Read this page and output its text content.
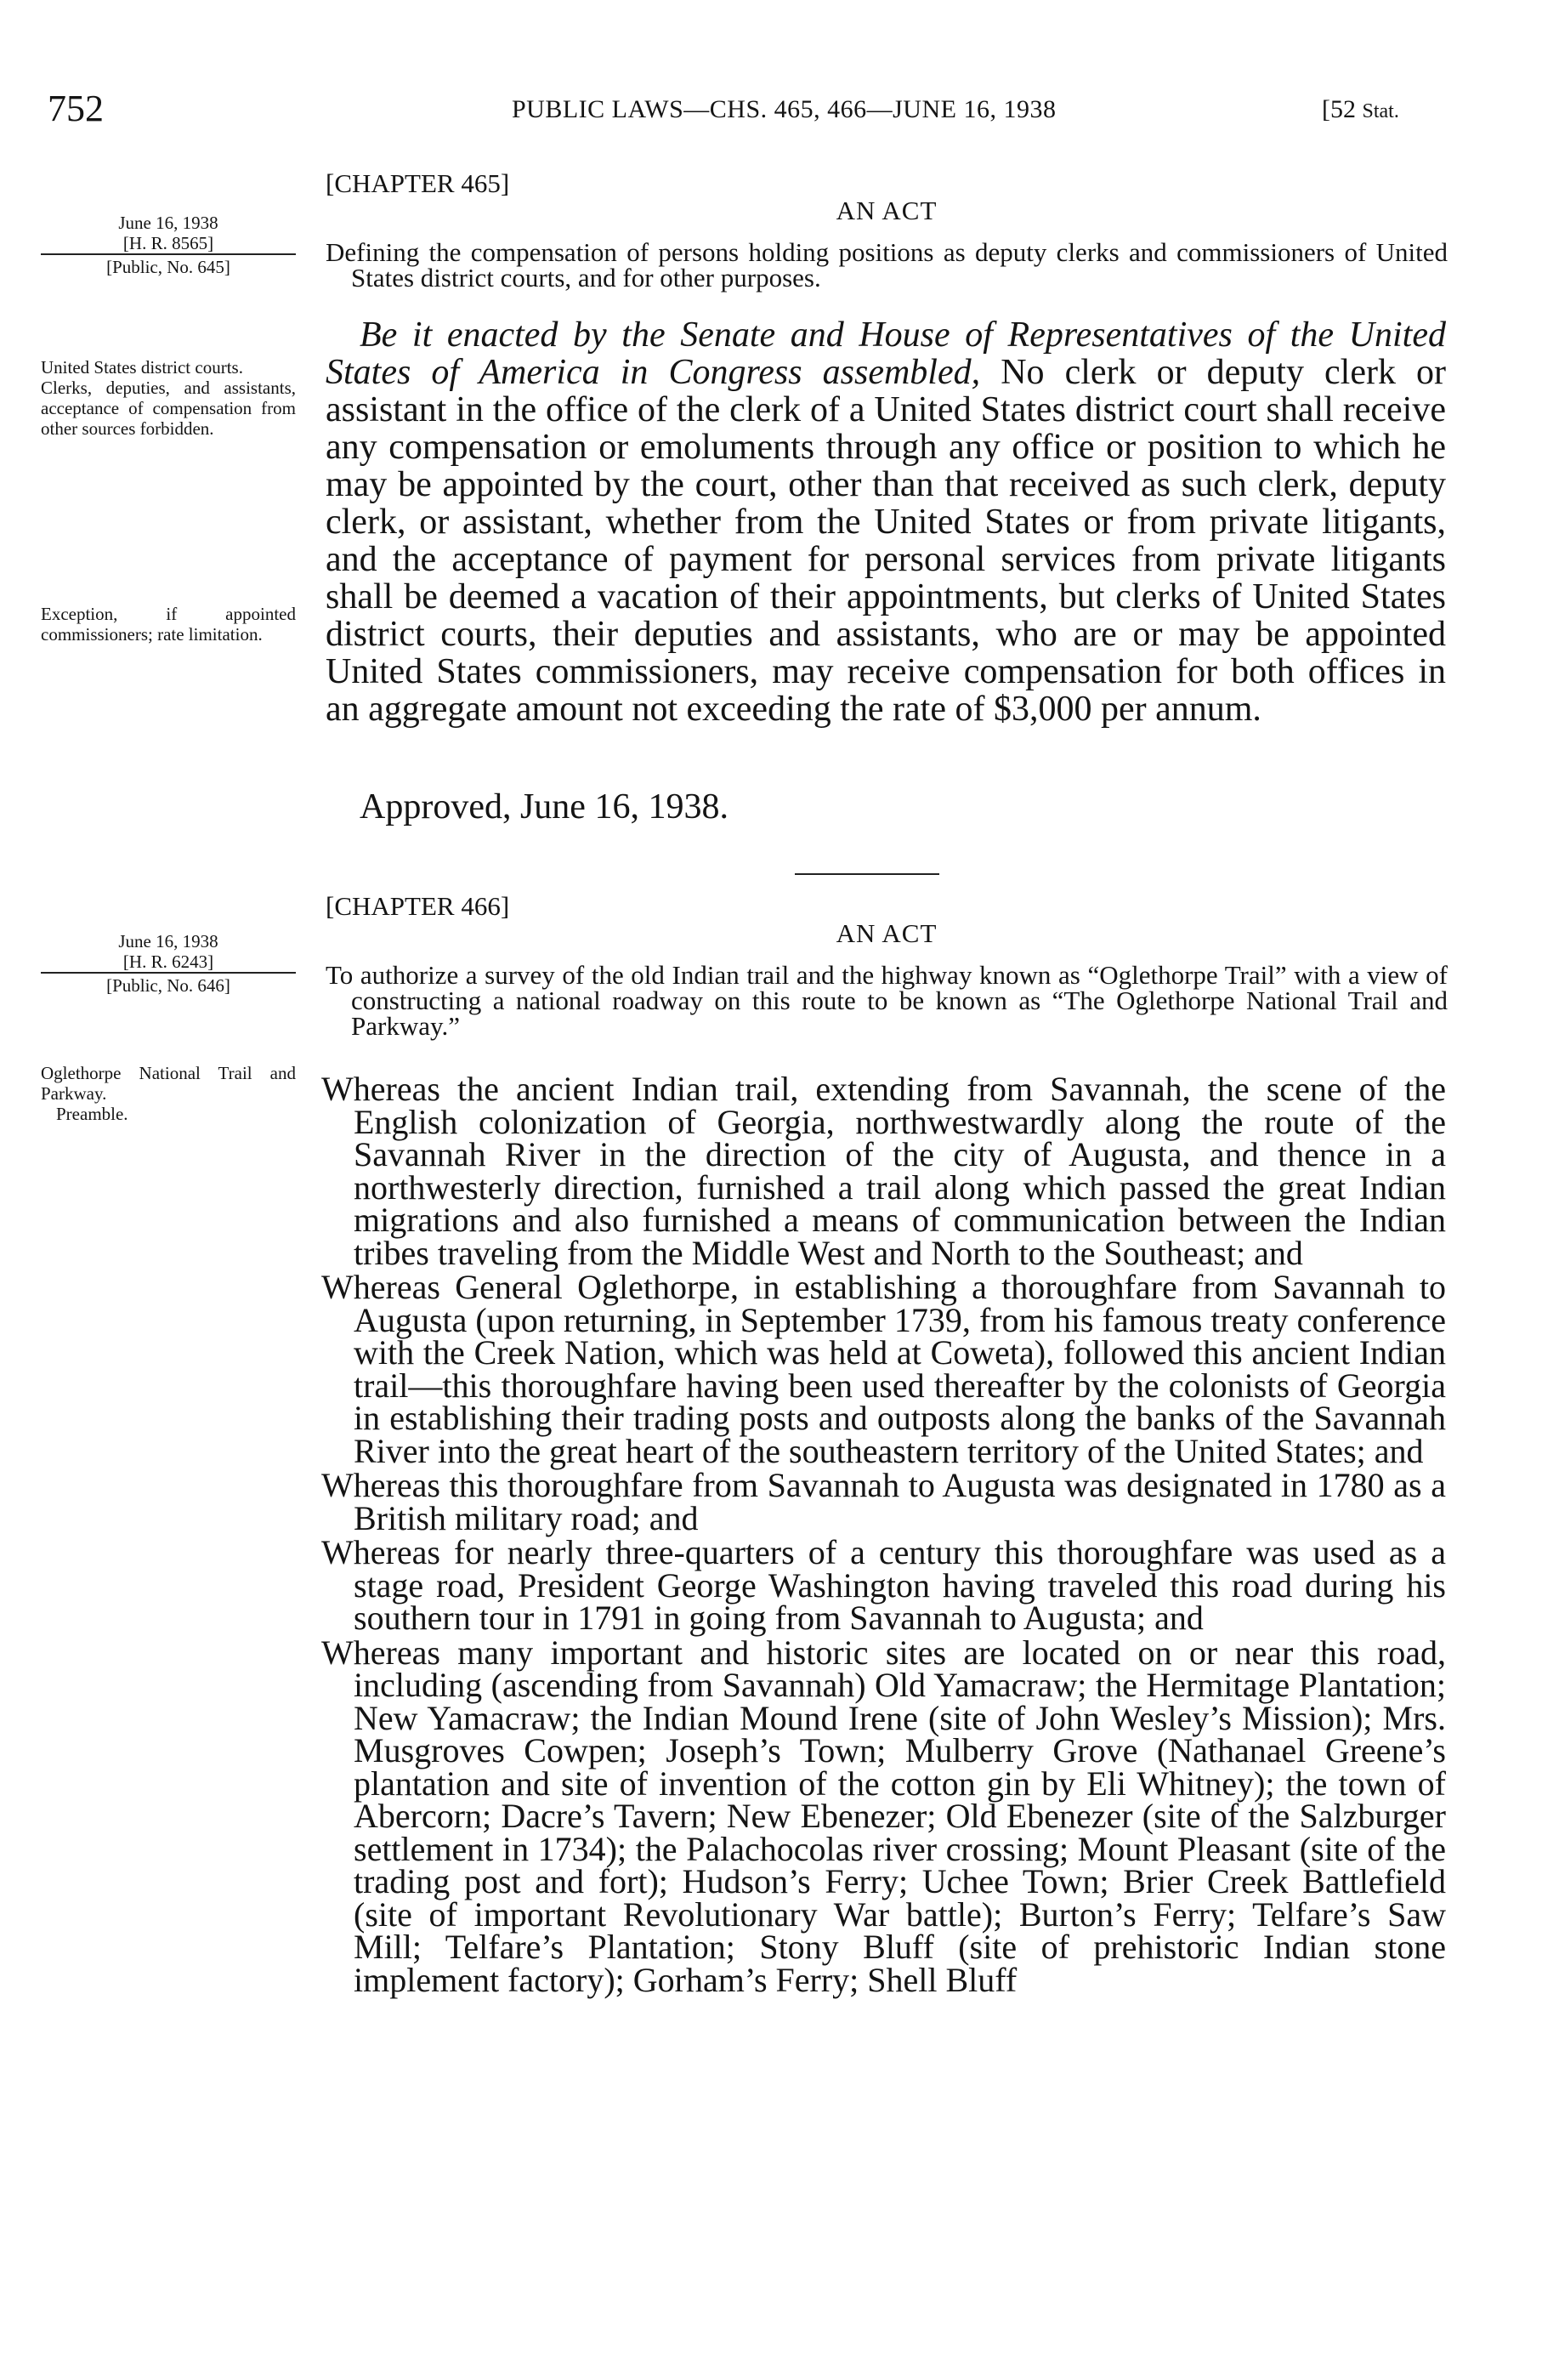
752	PUBLIC LAWS—CHS. 465, 466—JUNE 16, 1938	[52 Stat.
[CHAPTER 465]
AN ACT
June 16, 1938
[H. R. 8565]
[Public, No. 645]	Defining the compensation of persons holding positions as deputy clerks and commissioners of United States district courts, and for other purposes.

United States district courts.

Clerks, deputies, and assistants, acceptance of compensation from other sources forbidden.

Exception, if appointed commissioners; rate limitation.

Be it enacted by the Senate and House of Representatives of the United States of America in Congress assembled, No clerk or deputy clerk or assistant in the office of the clerk of a United States district court shall receive any compensation or emoluments through any office or position to which he may be appointed by the court, other than that received as such clerk, deputy clerk, or assistant, whether from the United States or from private litigants, and the acceptance of payment for personal services from private litigants shall be deemed a vacation of their appointments, but clerks of United States district courts, their deputies and assistants, who are or may be appointed United States commissioners, may receive compensation for both offices in an aggregate amount not exceeding the rate of $3,000 per annum.

Approved, June 16, 1938.
[CHAPTER 466]
AN ACT
June 16, 1938
[H. R. 6243]
[Public, No. 646]	To authorize a survey of the old Indian trail and the highway known as “Oglethorpe Trail” with a view of constructing a national roadway on this route to be known as “The Oglethorpe National Trail and Parkway.”

Oglethorpe National Trail and Parkway.

Preamble.

Whereas the ancient Indian trail, extending from Savannah, the scene of the English colonization of Georgia, northwestwardly along the route of the Savannah River in the direction of the city of Augusta, and thence in a northwesterly direction, furnished a trail along which passed the great Indian migrations and also furnished a means of communication between the Indian tribes traveling from the Middle West and North to the Southeast; and

Whereas General Oglethorpe, in establishing a thoroughfare from Savannah to Augusta (upon returning, in September 1739, from his famous treaty conference with the Creek Nation, which was held at Coweta), followed this ancient Indian trail—this thoroughfare having been used thereafter by the colonists of Georgia in establishing their trading posts and outposts along the banks of the Savannah River into the great heart of the southeastern territory of the United States; and

Whereas this thoroughfare from Savannah to Augusta was designated in 1780 as a British military road; and

Whereas for nearly three-quarters of a century this thoroughfare was used as a stage road, President George Washington having traveled this road during his southern tour in 1791 in going from Savannah to Augusta; and

Whereas many important and historic sites are located on or near this road, including (ascending from Savannah) Old Yamacraw; the Hermitage Plantation; New Yamacraw; the Indian Mound Irene (site of John Wesley’s Mission); Mrs. Musgroves Cowpen; Joseph’s Town; Mulberry Grove (Nathanael Greene’s plantation and site of invention of the cotton gin by Eli Whitney); the town of Abercorn; Dacre’s Tavern; New Ebenezer; Old Ebenezer (site of the Salzburger settlement in 1734); the Palachocolas river crossing; Mount Pleasant (site of the trading post and fort); Hudson’s Ferry; Uchee Town; Brier Creek Battlefield (site of important Revolutionary War battle); Burton’s Ferry; Telfare’s Saw Mill; Telfare’s Plantation; Stony Bluff (site of prehistoric Indian stone implement factory); Gorham’s Ferry; Shell Bluff
